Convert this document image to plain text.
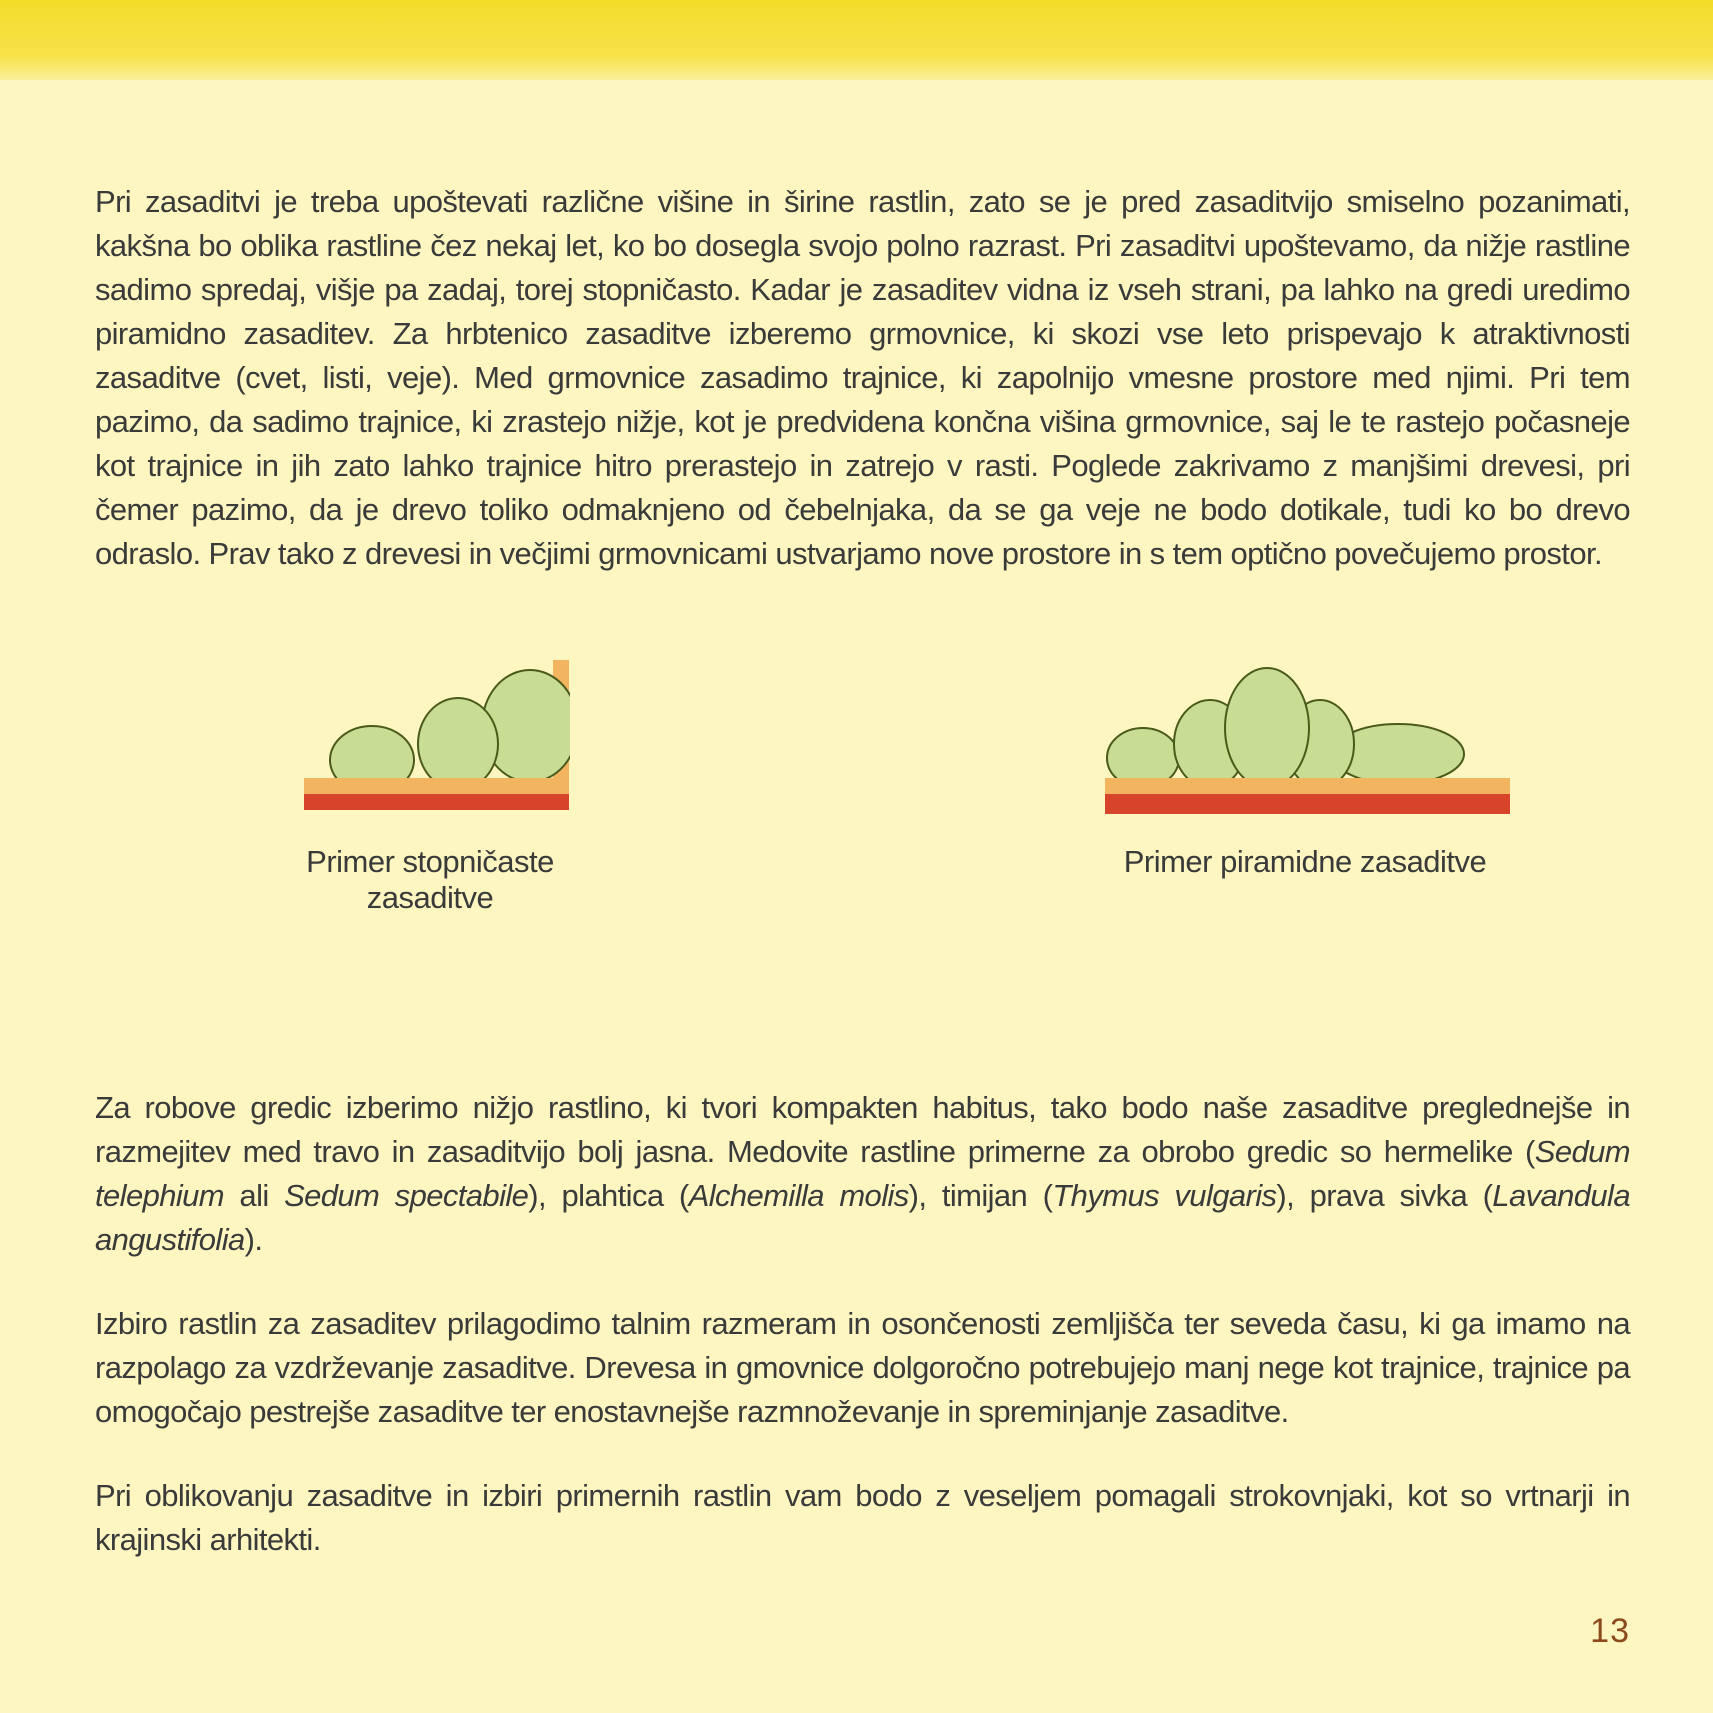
Pri zasaditvi je treba upoštevati različne višine in širine rastlin, zato se je pred zasaditvijo smiselno pozanimati, kakšna bo oblika rastline čez nekaj let, ko bo dosegla svojo polno razrast. Pri zasaditvi upoštevamo, da nižje rastline sadimo spredaj, višje pa zadaj, torej stopničasto. Kadar je zasaditev vidna iz vseh strani, pa lahko na gredi uredimo piramidno zasaditev. Za hrbtenico zasaditve izberemo grmovnice, ki skozi vse leto prispevajo k atraktivnosti zasaditve (cvet, listi, veje). Med grmovnice zasadimo trajnice, ki zapolnijo vmesne prostore med njimi. Pri tem pazimo, da sadimo trajnice, ki zrastejo nižje, kot je predvidena končna višina grmovnice, saj le te rastejo počasneje kot trajnice in jih zato lahko trajnice hitro prerastejo in zatrejo v rasti. Poglede zakrivamo z manjšimi drevesi, pri čemer pazimo, da je drevo toliko odmaknjeno od čebelnjaka, da se ga veje ne bodo dotikale, tudi ko bo drevo odraslo. Prav tako z drevesi in večjimi grmovnicami ustvarjamo nove prostore in s tem optično povečujemo prostor.

Primer stopničaste zasaditve
Primer piramidne zasaditve

Za robove gredic izberimo nižjo rastlino, ki tvori kompakten habitus, tako bodo naše zasaditve preglednejše in razmejitev med travo in zasaditvijo bolj jasna. Medovite rastline primerne za obrobo gredic so hermelike (Sedum telephium ali Sedum spectabile), plahtica (Alchemilla molis), timijan (Thymus vulgaris), prava sivka (Lavandula angustifolia).

Izbiro rastlin za zasaditev prilagodimo talnim razmeram in osončenosti zemljišča ter seveda času, ki ga imamo na razpolago za vzdrževanje zasaditve. Drevesa in gmovnice dolgoročno potrebujejo manj nege kot trajnice, trajnice pa omogočajo pestrejše zasaditve ter enostavnejše razmnoževanje in spreminjanje zasaditve.

Pri oblikovanju zasaditve in izbiri primernih rastlin vam bodo z veseljem pomagali strokovnjaki, kot so vrtnarji in krajinski arhitekti.

13
